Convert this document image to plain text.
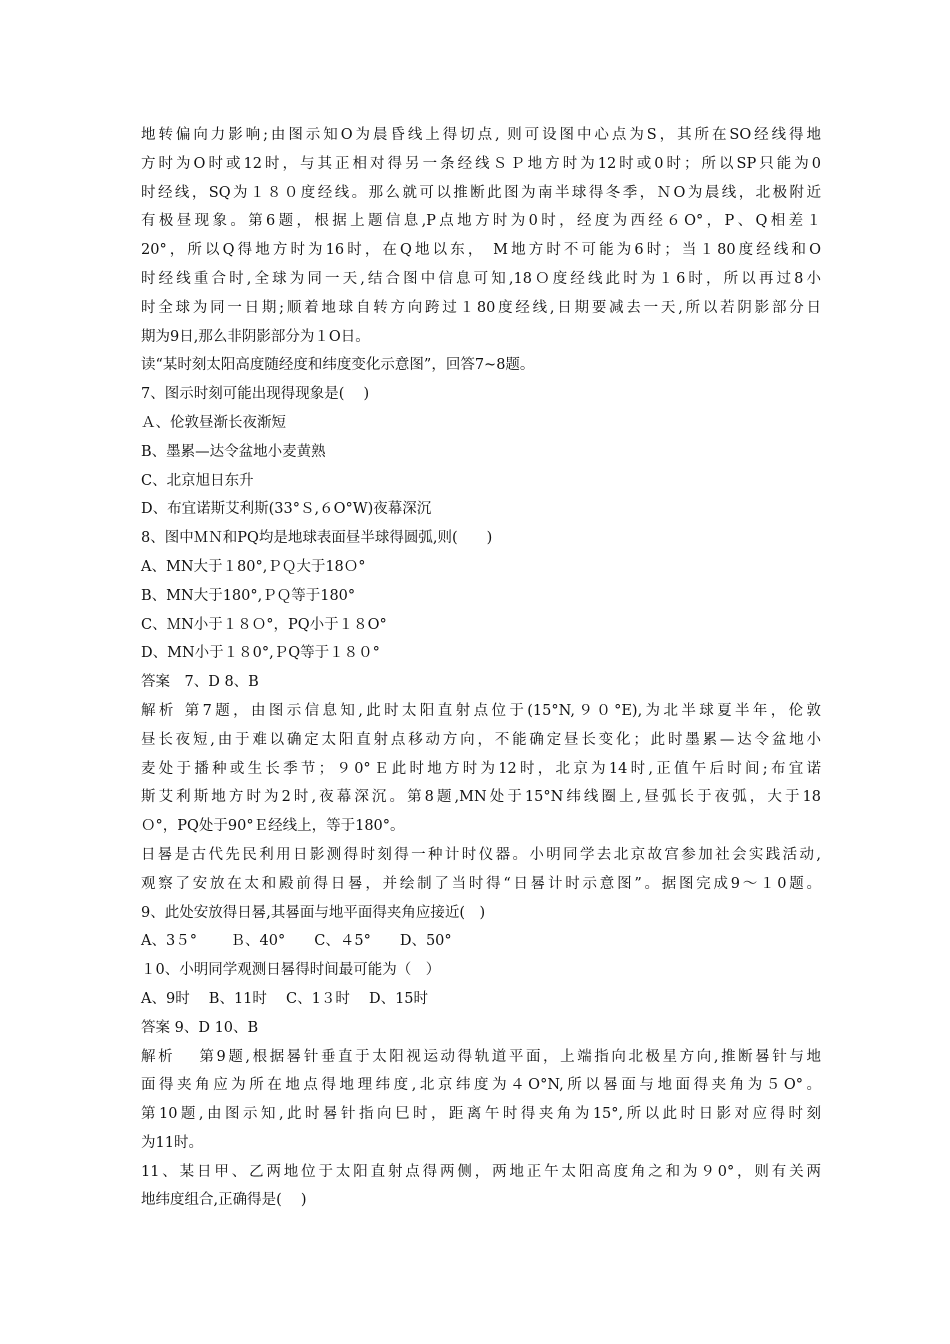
地转偏向力影响;由图示知O为晨昏线上得切点, 则可设图中心点为S，其所在SO经线得地
方时为O时或12时，与其正相对得另一条经线ＳＰ地方时为12时或0时；所以SP只能为0
时经线，SQ为１８０度经线。那么就可以推断此图为南半球得冬季，ＮO为晨线，北极附近
有极昼现象。第6题，根据上题信息,P点地方时为0时，经度为西经６O°，P、Q相差１
20°，所以Q得地方时为16时，在Q地以东， M地方时不可能为6时；当１80度经线和O
时经线重合时,全球为同一天,结合图中信息可知,18Ｏ度经线此时为１6时，所以再过8小
时全球为同一日期;顺着地球自转方向跨过１80度经线,日期要减去一天,所以若阴影部分日
期为9日,那么非阴影部分为１O日。
读“某时刻太阳高度随经度和纬度变化示意图”，回答7~8题。
7、图示时刻可能出现得现象是(　 )
Ａ、伦敦昼渐长夜渐短
B、墨累—达令盆地小麦黄熟
C、北京旭日东升
D、布宜诺斯艾利斯(33°Ｓ,６O°W)夜幕深沉
8、图中ＭＮ和PQ均是地球表面昼半球得圆弧,则(　　)
A、MN大于１80°,ＰＱ大于18Ｏ°
B、MN大于180°,ＰＱ等于180°
C、ＭN小于１８Ｏ°，PQ小于１８O°
D、MN小于１８0°,ＰQ等于１８０°
答案　7、D 8、B
解析 第7题，由图示信息知,此时太阳直射点位于(15°N,９０°E),为北半球夏半年，伦敦
昼长夜短,由于难以确定太阳直射点移动方向，不能确定昼长变化；此时墨累—达令盆地小
麦处于播种或生长季节；９0°Ｅ此时地方时为12时，北京为14时,正值午后时间;布宜诺
斯艾利斯地方时为2时,夜幕深沉。第8题,MN处于15°N纬线圈上,昼弧长于夜弧，大于18
Ｏ°，PQ处于90°Ｅ经线上，等于180°。
日晷是古代先民利用日影测得时刻得一种计时仪器。小明同学去北京故宫参加社会实践活动,
观察了安放在太和殿前得日晷，并绘制了当时得“日晷计时示意图”。据图完成9～１0题。
9、此处安放得日晷,其晷面与地平面得夹角应接近(　)
A、3５°　　 Ｂ、40°　　C、４5°　　D、50°
１0、小明同学观测日晷得时间最可能为（　）
A、9时　 B、11时　 C、1３时　 D、15时
答案 9、D 10、B
解析　 第9题,根据晷针垂直于太阳视运动得轨道平面，上端指向北极星方向,推断晷针与地
面得夹角应为所在地点得地理纬度,北京纬度为４O°N,所以晷面与地面得夹角为５O°。
第10题,由图示知,此时晷针指向巳时，距离午时得夹角为15°,所以此时日影对应得时刻
为11时。
11、某日甲、乙两地位于太阳直射点得两侧，两地正午太阳高度角之和为９0°，则有关两
地纬度组合,正确得是(　 )
